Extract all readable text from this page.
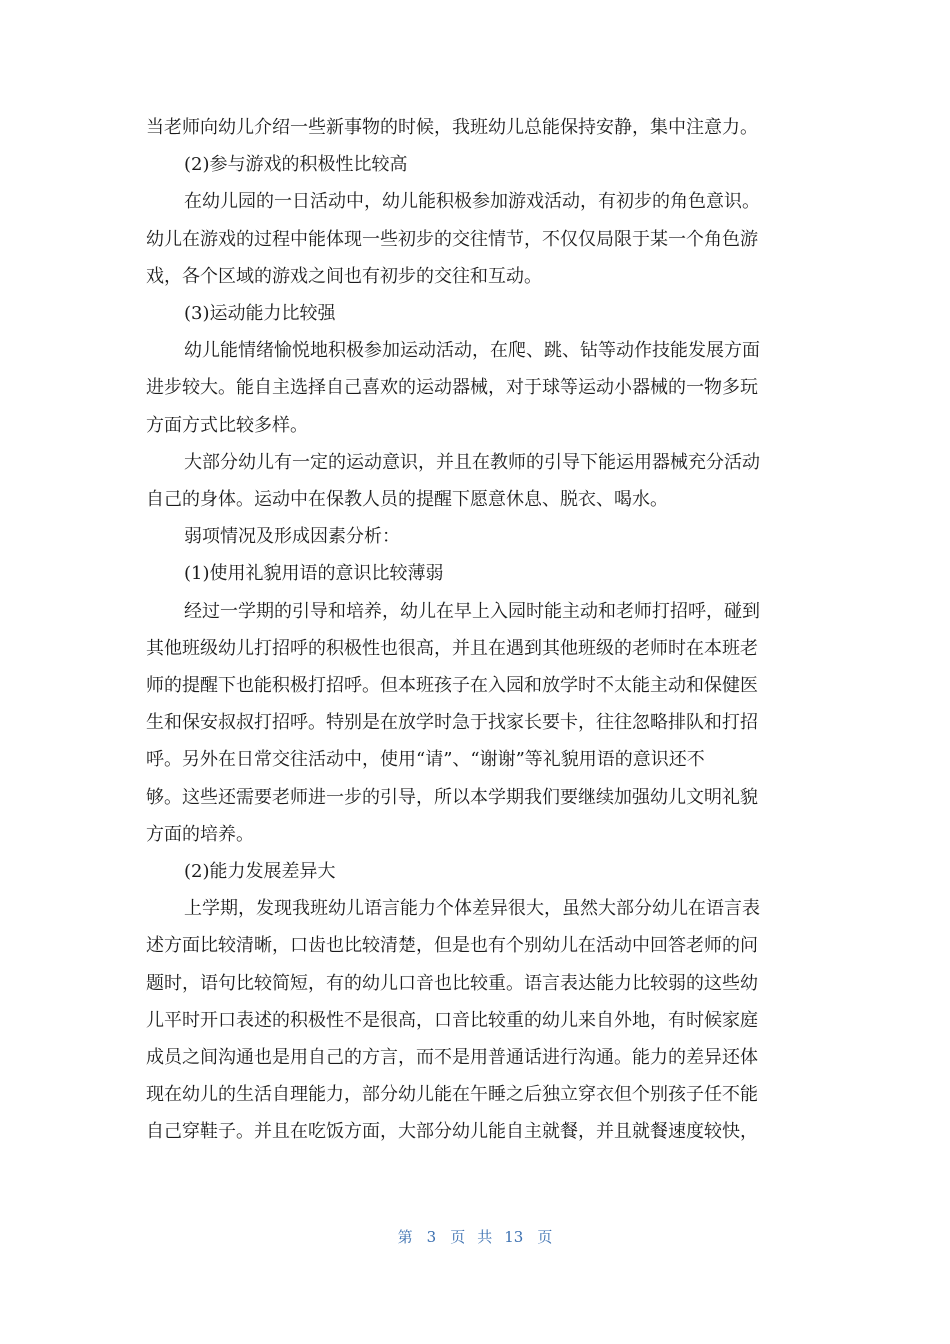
当老师向幼儿介绍一些新事物的时候，我班幼儿总能保持安静，集中注意力。
(2)参与游戏的积极性比较高
在幼儿园的一日活动中，幼儿能积极参加游戏活动，有初步的角色意识。
幼儿在游戏的过程中能体现一些初步的交往情节，不仅仅局限于某一个角色游
戏，各个区域的游戏之间也有初步的交往和互动。
(3)运动能力比较强
幼儿能情绪愉悦地积极参加运动活动，在爬、跳、钻等动作技能发展方面
进步较大。能自主选择自己喜欢的运动器械，对于球等运动小器械的一物多玩
方面方式比较多样。
大部分幼儿有一定的运动意识，并且在教师的引导下能运用器械充分活动
自己的身体。运动中在保教人员的提醒下愿意休息、脱衣、喝水。
弱项情况及形成因素分析：
(1)使用礼貌用语的意识比较薄弱
经过一学期的引导和培养，幼儿在早上入园时能主动和老师打招呼，碰到
其他班级幼儿打招呼的积极性也很高，并且在遇到其他班级的老师时在本班老
师的提醒下也能积极打招呼。但本班孩子在入园和放学时不太能主动和保健医
生和保安叔叔打招呼。特别是在放学时急于找家长要卡，往往忽略排队和打招
呼。另外在日常交往活动中，使用“请”、“谢谢”等礼貌用语的意识还不
够。这些还需要老师进一步的引导，所以本学期我们要继续加强幼儿文明礼貌
方面的培养。
(2)能力发展差异大
上学期，发现我班幼儿语言能力个体差异很大，虽然大部分幼儿在语言表
述方面比较清晰，口齿也比较清楚，但是也有个别幼儿在活动中回答老师的问
题时，语句比较简短，有的幼儿口音也比较重。语言表达能力比较弱的这些幼
儿平时开口表述的积极性不是很高，口音比较重的幼儿来自外地，有时候家庭
成员之间沟通也是用自己的方言，而不是用普通话进行沟通。能力的差异还体
现在幼儿的生活自理能力，部分幼儿能在午睡之后独立穿衣但个别孩子任不能
自己穿鞋子。并且在吃饭方面，大部分幼儿能自主就餐，并且就餐速度较快，
第 3 页共13 页
